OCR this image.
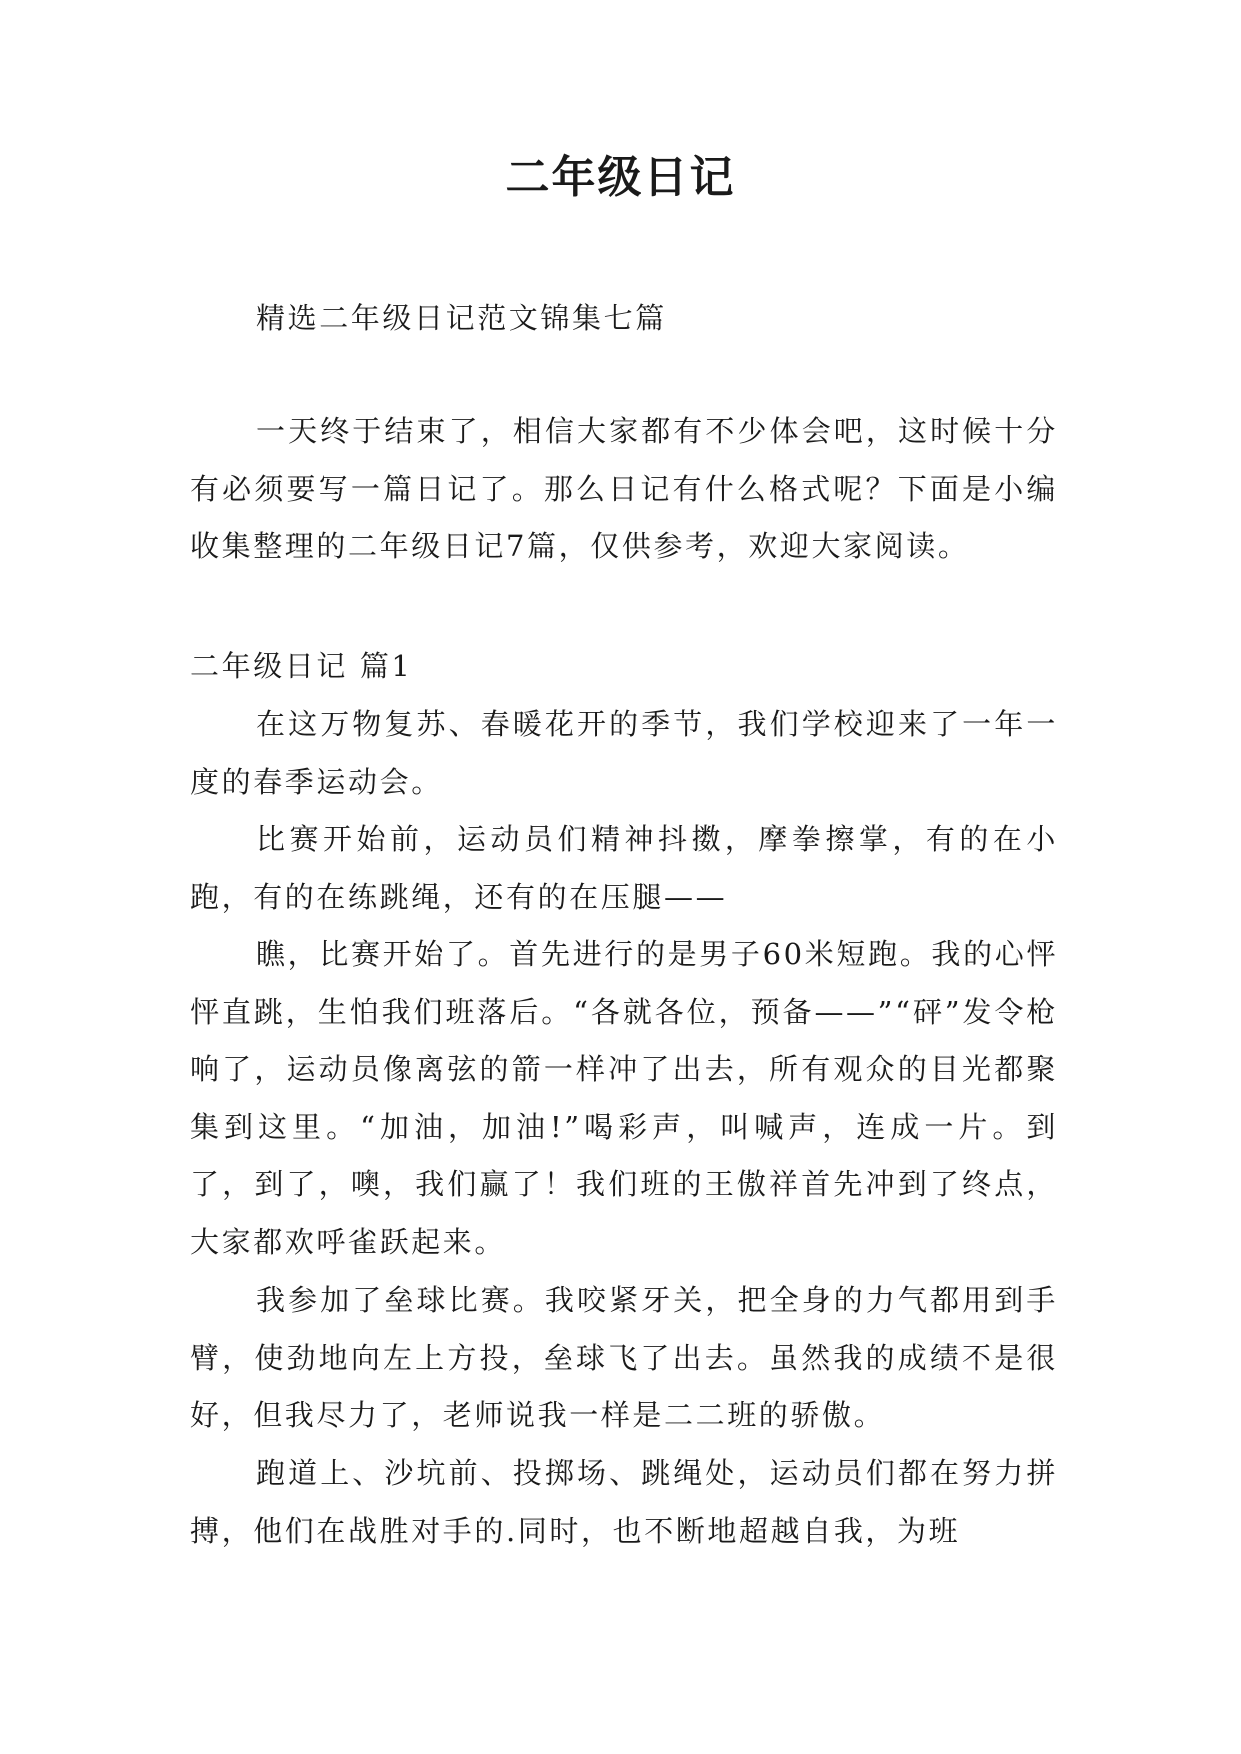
二年级日记

精选二年级日记范文锦集七篇

一天终于结束了，相信大家都有不少体会吧，这时候十分有必须要写一篇日记了。那么日记有什么格式呢？下面是小编收集整理的二年级日记7篇，仅供参考，欢迎大家阅读。

二年级日记 篇1

在这万物复苏、春暖花开的季节，我们学校迎来了一年一度的春季运动会。

比赛开始前，运动员们精神抖擞，摩拳擦掌，有的在小跑，有的在练跳绳，还有的在压腿——

瞧，比赛开始了。首先进行的是男子60米短跑。我的心怦怦直跳，生怕我们班落后。“各就各位，预备——”“砰”发令枪响了，运动员像离弦的箭一样冲了出去，所有观众的目光都聚集到这里。“加油，加油!”喝彩声，叫喊声，连成一片。到了，到了，噢，我们赢了！我们班的王傲祥首先冲到了终点，大家都欢呼雀跃起来。

我参加了垒球比赛。我咬紧牙关，把全身的力气都用到手臂，使劲地向左上方投，垒球飞了出去。虽然我的成绩不是很好，但我尽力了，老师说我一样是二二班的骄傲。

跑道上、沙坑前、投掷场、跳绳处，运动员们都在努力拼搏，他们在战胜对手的.同时，也不断地超越自我，为班
